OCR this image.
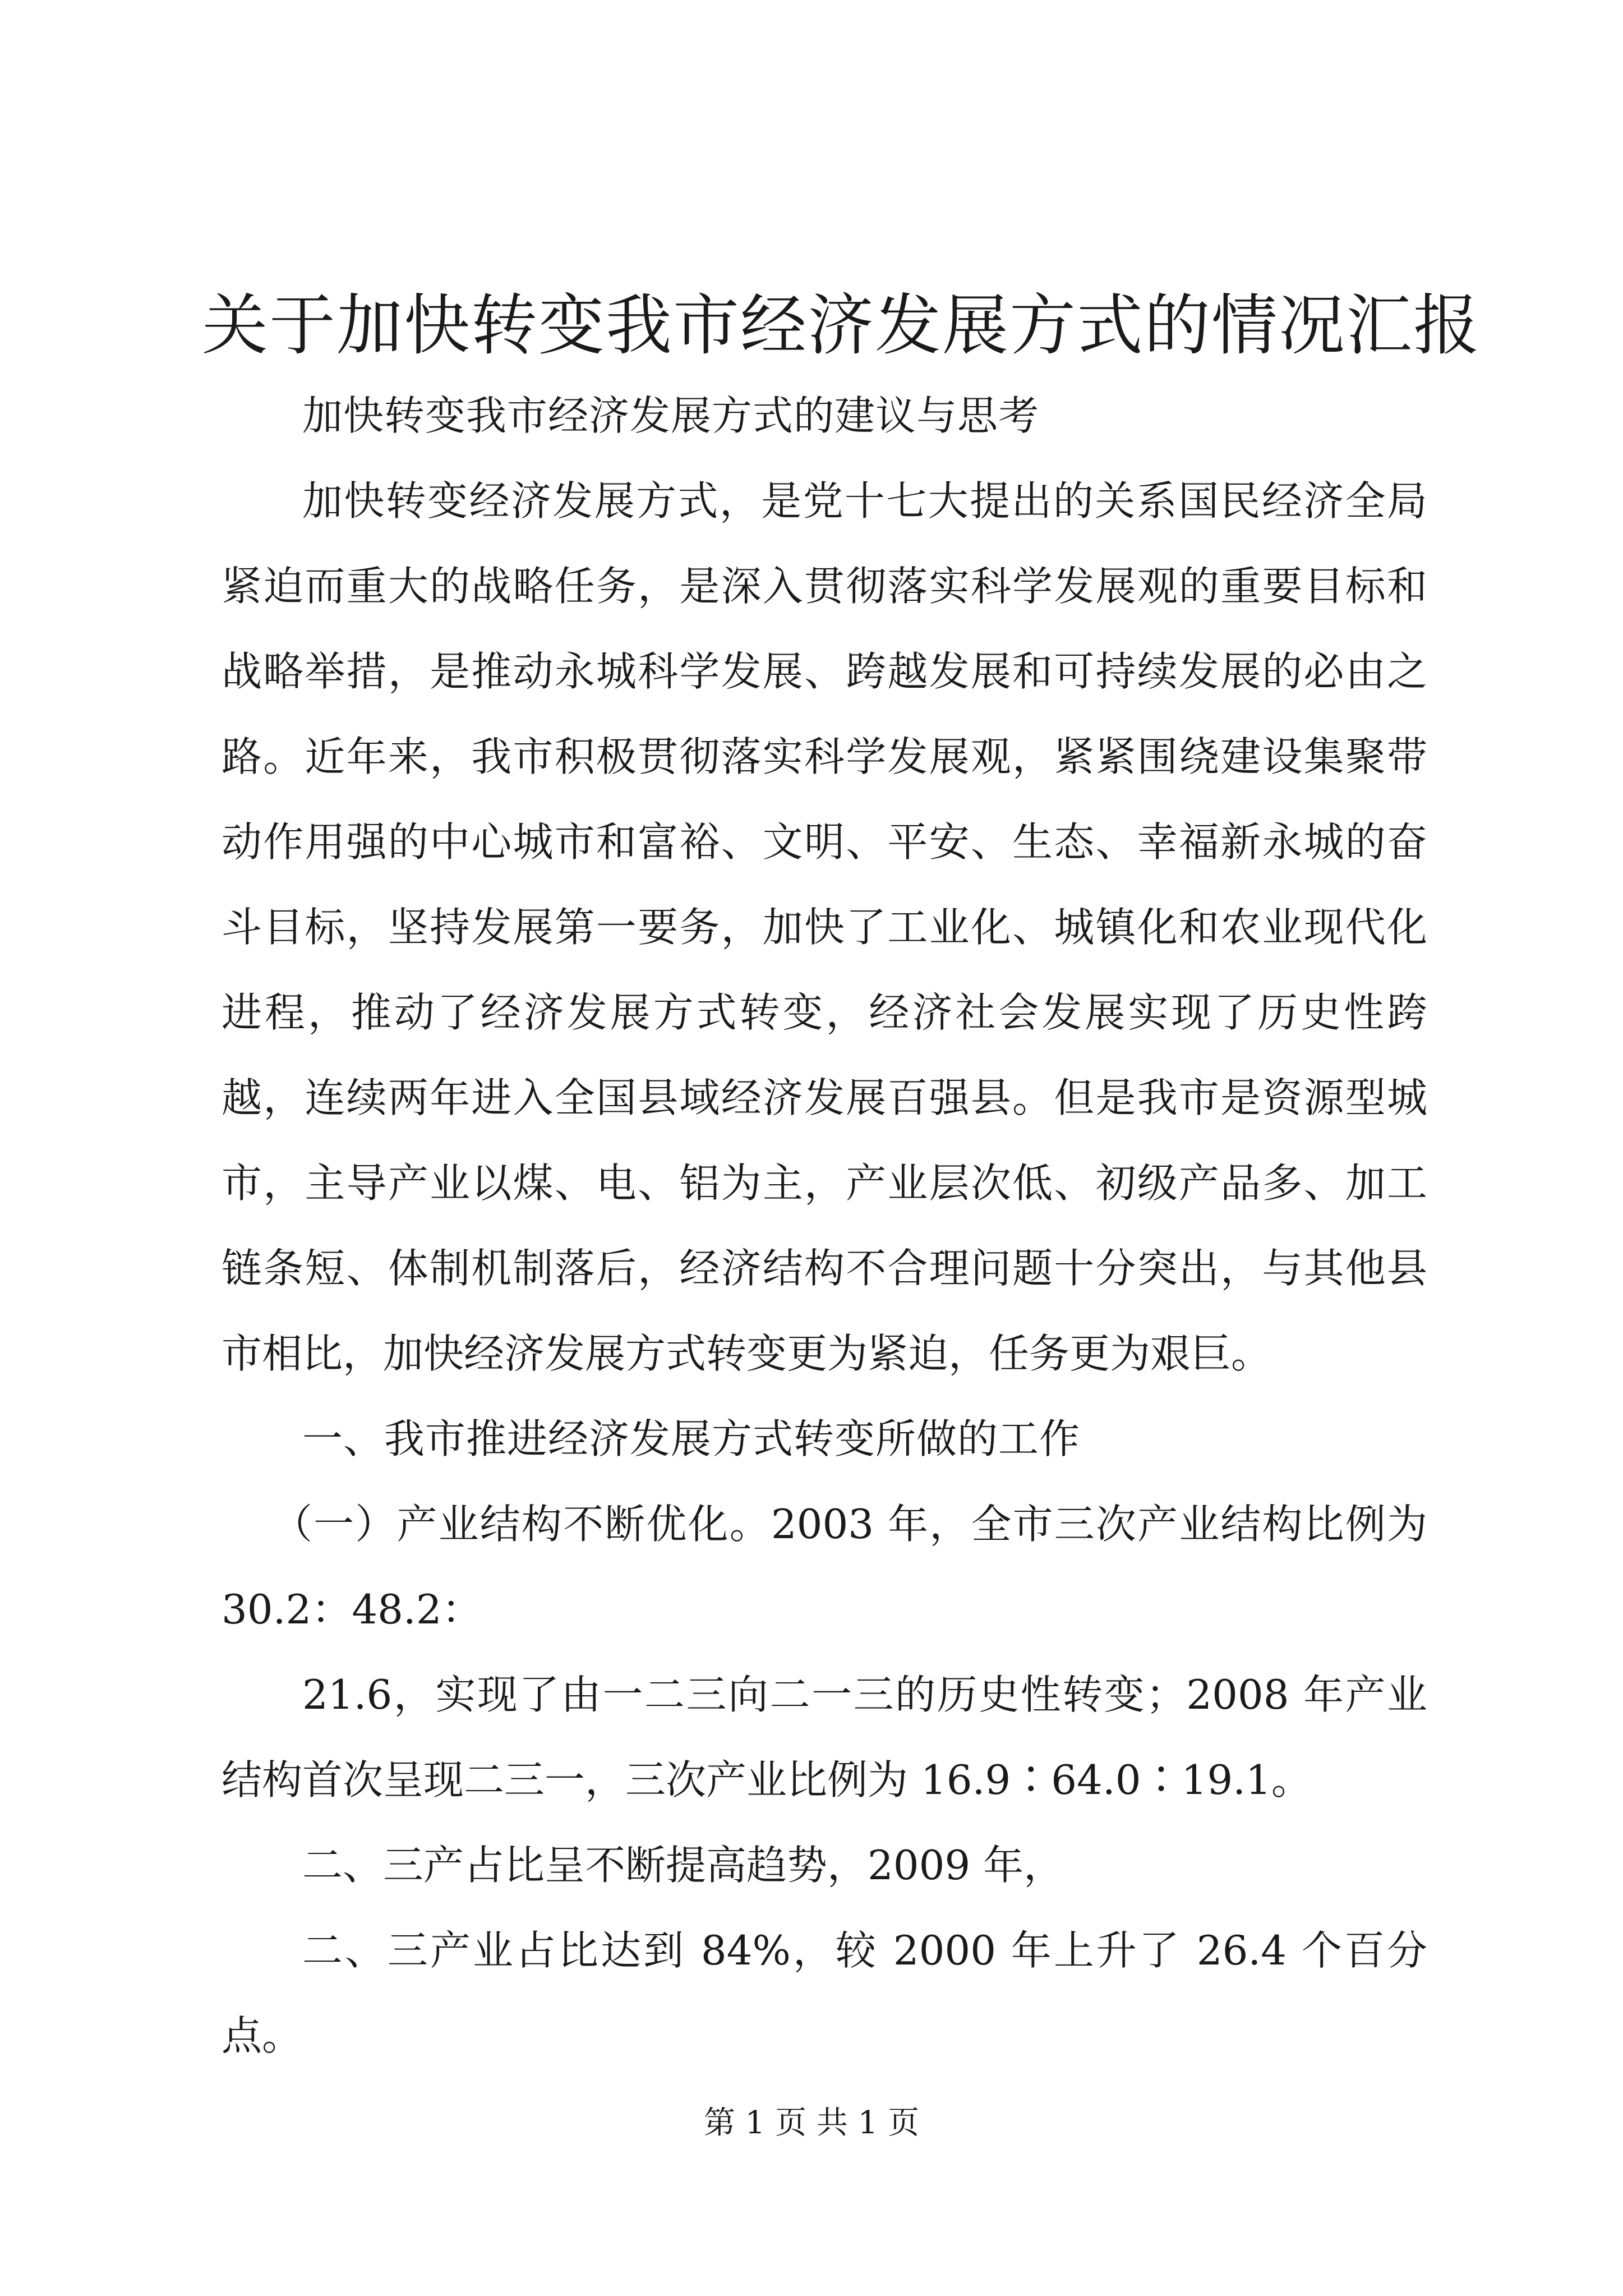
关于加快转变我市经济发展方式的情况汇报

加快转变我市经济发展方式的建议与思考

加快转变经济发展方式，是党十七大提出的关系国民经济全局紧迫而重大的战略任务，是深入贯彻落实科学发展观的重要目标和战略举措，是推动永城科学发展、跨越发展和可持续发展的必由之路。近年来，我市积极贯彻落实科学发展观，紧紧围绕建设集聚带动作用强的中心城市和富裕、文明、平安、生态、幸福新永城的奋斗目标，坚持发展第一要务，加快了工业化、城镇化和农业现代化进程，推动了经济发展方式转变，经济社会发展实现了历史性跨越，连续两年进入全国县域经济发展百强县。但是我市是资源型城市，主导产业以煤、电、铝为主，产业层次低、初级产品多、加工链条短、体制机制落后，经济结构不合理问题十分突出，与其他县市相比，加快经济发展方式转变更为紧迫，任务更为艰巨。

一、我市推进经济发展方式转变所做的工作

（一）产业结构不断优化。2003 年，全市三次产业结构比例为 30.2：48.2：

21.6，实现了由一二三向二一三的历史性转变；2008 年产业结构首次呈现二三一，三次产业比例为 16.9∶64.0∶19.1。

二、三产占比呈不断提高趋势，2009 年，

二、三产业占比达到 84%，较 2000 年上升了 26.4 个百分点。

第 1 页 共 1 页
